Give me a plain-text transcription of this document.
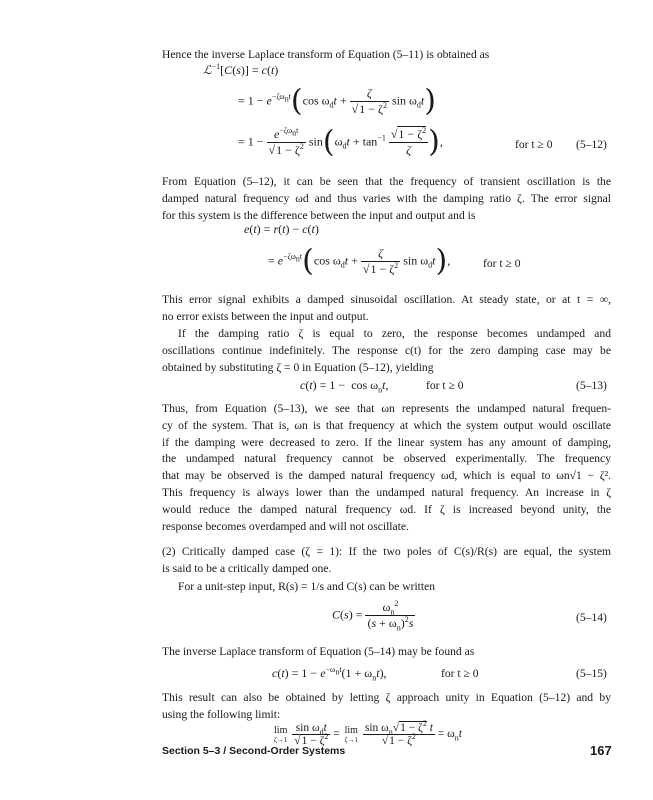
Hence the inverse Laplace transform of Equation (5–11) is obtained as
ℒ$^{-1}$[C(s)] = c(t)
= $1 - e^{-\zeta\omega_nt}(\cos$ $\omega_dt + \frac{\zeta}{√1 - \zeta^2}$ $\sin \omega_dt$)
= $1 - \frac{e^{-\zeta\omega_nt}}{√1 - \zeta^2} \sin(\omega_dt + \tan^{-1} \frac{√1 - \zeta^2}{\zeta}$ ),	for t ≥ 0 (5–12)
From Equation (5–12), it can be seen that the frequency of transient oscillation is the
damped natural frequency ωd and thus varies with the damping ratio ζ. The error signal
for this system is the difference between the input and output and is
e(t) = r(t) − c(t)
= $e^{-\zeta\omega_nt}(\cos$ $\omega_dt + \frac{\zeta}{√1 - \zeta^2}$ $\sin \omega_dt$),	for t ≥ 0
This error signal exhibits a damped sinusoidal oscillation. At steady state, or at t = ∞,
no error exists between the input and output.
If the damping ratio ζ is equal to zero, the response becomes undamped and
oscillations continue indefinitely. The response c(t) for the zero damping case may be
obtained by substituting ζ = 0 in Equation (5–12), yielding
$c(t) = 1 - \cos \omega_nt$,	for t ≥ 0	(5–13)
Thus, from Equation (5–13), we see that ωn represents the undamped natural frequen-
cy of the system. That is, ωn is that frequency at which the system output would oscillate
if the damping were decreased to zero. If the linear system has any amount of damping,
the undamped natural frequency cannot be observed experimentally. The frequency
that may be observed is the damped natural frequency ωd, which is equal to ωn√1 − ζ².
This frequency is always lower than the undamped natural frequency. An increase in ζ
would reduce the damped natural frequency ωd. If ζ is increased beyond unity, the
response becomes overdamped and will not oscillate.
(2) Critically damped case (ζ = 1): If the two poles of C(s)/R(s) are equal, the system
is said to be a critically damped one.
For a unit-step input, R(s) = 1/s and C(s) can be written
$C(s) = \frac{\omega_n^2}{(s + \omega_n)^2s}$	(5–14)
The inverse Laplace transform of Equation (5–14) may be found as
$c(t) = 1 - e^{-\omega_nt}(1 + \omega_nt)$,	for t ≥ 0	(5–15)
This result can also be obtained by letting ζ approach unity in Equation (5–12) and by
using the following limit:
lim
ζ→1
$\frac{\sin \omega_dt}{√1 - \zeta^2} = \lim$
ζ→1
$\frac{\sin \omega_n√1 - \zeta^2 t}{√1 - \zeta^2} = \omega_nt$
Section 5–3 / Second-Order Systems	167
